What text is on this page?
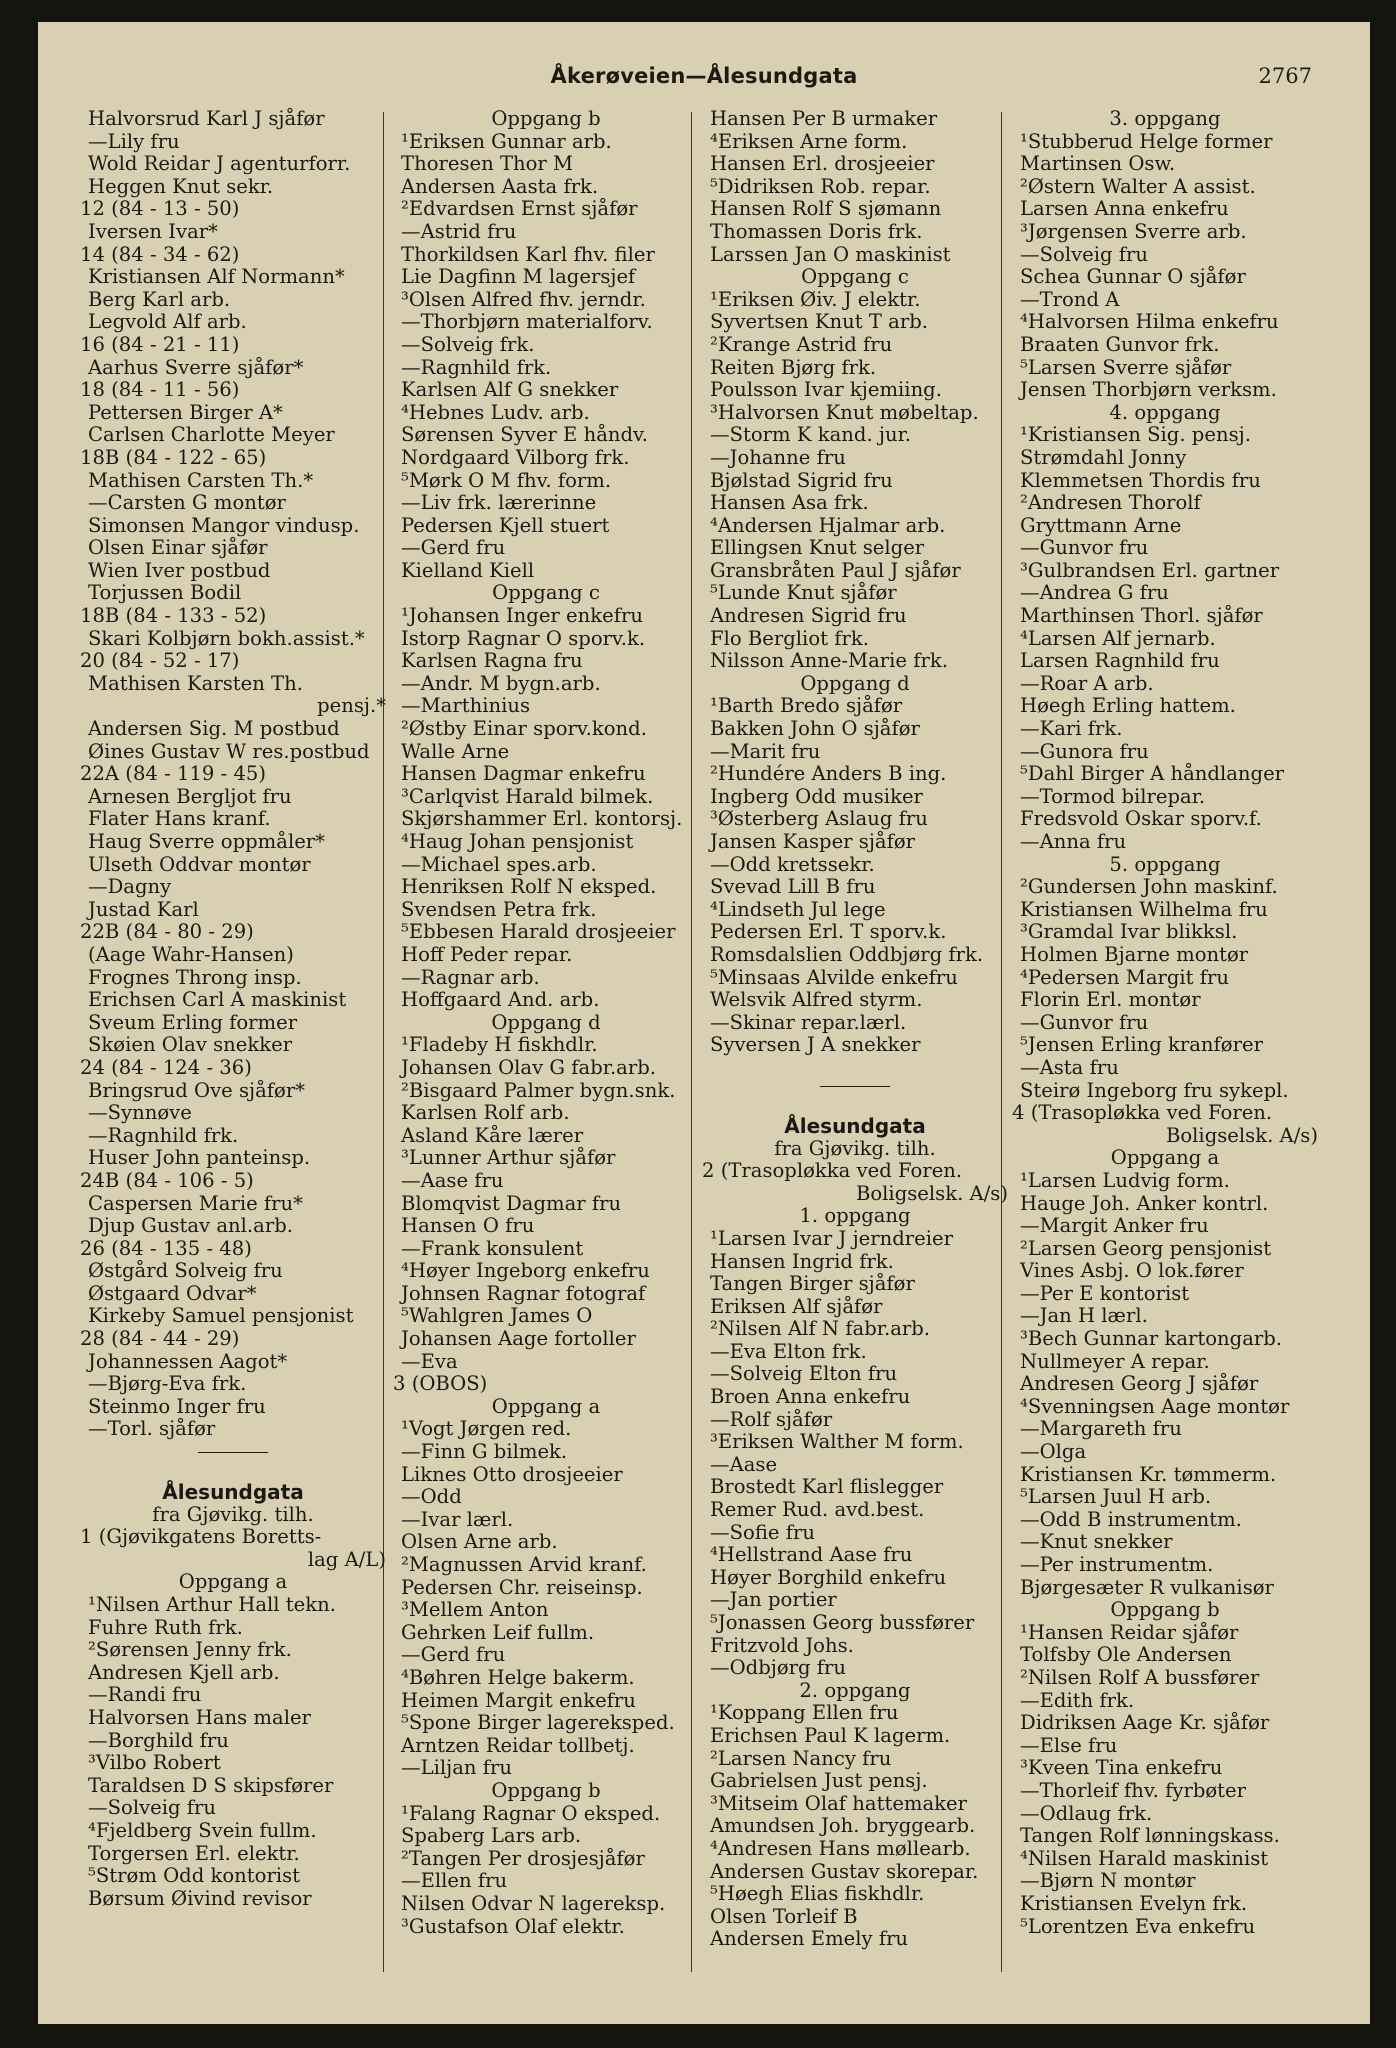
Åkerøveien—Ålesundgata	2767
Halvorsrud Karl J sjåfør
—Lily fru
Wold Reidar J agenturforr.
Heggen Knut sekr.
12 (84 - 13 - 50)
Iversen Ivar*
14 (84 - 34 - 62)
Kristiansen Alf Normann*
Berg Karl arb.
Legvold Alf arb.
16 (84 - 21 - 11)
Aarhus Sverre sjåfør*
18 (84 - 11 - 56)
Pettersen Birger A*
Carlsen Charlotte Meyer
18B (84 - 122 - 65)
Mathisen Carsten Th.*
—Carsten G montør
Simonsen Mangor vindusp.
Olsen Einar sjåfør
Wien Iver postbud
Torjussen Bodil
18B (84 - 133 - 52)
Skari Kolbjørn bokh.assist.*
20 (84 - 52 - 17)
Mathisen Karsten Th.
pensj.*
Andersen Sig. M postbud
Øines Gustav W res.postbud
22A (84 - 119 - 45)
Arnesen Bergljot fru
Flater Hans kranf.
Haug Sverre oppmåler*
Ulseth Oddvar montør
—Dagny
Justad Karl
22B (84 - 80 - 29)
(Aage Wahr-Hansen)
Frognes Throng insp.
Erichsen Carl A maskinist
Sveum Erling former
Skøien Olav snekker
24 (84 - 124 - 36)
Bringsrud Ove sjåfør*
—Synnøve
—Ragnhild frk.
Huser John panteinsp.
24B (84 - 106 - 5)
Caspersen Marie fru*
Djup Gustav anl.arb.
26 (84 - 135 - 48)
Østgård Solveig fru
Østgaard Odvar*
Kirkeby Samuel pensjonist
28 (84 - 44 - 29)
Johannessen Aagot*
—Bjørg-Eva frk.
Steinmo Inger fru
—Torl. sjåfør
Ålesundgata
fra Gjøvikg. tilh.
1 (Gjøvikgatens Boretts-
lag A/L)
Oppgang a
¹Nilsen Arthur Hall tekn.
Fuhre Ruth frk.
²Sørensen Jenny frk.
Andresen Kjell arb.
—Randi fru
Halvorsen Hans maler
—Borghild fru
³Vilbo Robert
Taraldsen D S skipsfører
—Solveig fru
⁴Fjeldberg Svein fullm.
Torgersen Erl. elektr.
⁵Strøm Odd kontorist
Børsum Øivind revisor
Oppgang b
¹Eriksen Gunnar arb.
Thoresen Thor M
Andersen Aasta frk.
²Edvardsen Ernst sjåfør
—Astrid fru
Thorkildsen Karl fhv. filer
Lie Dagfinn M lagersjef
³Olsen Alfred fhv. jerndr.
—Thorbjørn materialforv.
—Solveig frk.
—Ragnhild frk.
Karlsen Alf G snekker
⁴Hebnes Ludv. arb.
Sørensen Syver E håndv.
Nordgaard Vilborg frk.
⁵Mørk O M fhv. form.
—Liv frk. lærerinne
Pedersen Kjell stuert
—Gerd fru
Kielland Kiell
Oppgang c
¹Johansen Inger enkefru
Istorp Ragnar O sporv.k.
Karlsen Ragna fru
—Andr. M bygn.arb.
—Marthinius
²Østby Einar sporv.kond.
Walle Arne
Hansen Dagmar enkefru
³Carlqvist Harald bilmek.
Skjørshammer Erl. kontorsj.
⁴Haug Johan pensjonist
—Michael spes.arb.
Henriksen Rolf N eksped.
Svendsen Petra frk.
⁵Ebbesen Harald drosjeeier
Hoff Peder repar.
—Ragnar arb.
Hoffgaard And. arb.
Oppgang d
¹Fladeby H fiskhdlr.
Johansen Olav G fabr.arb.
²Bisgaard Palmer bygn.snk.
Karlsen Rolf arb.
Asland Kåre lærer
³Lunner Arthur sjåfør
—Aase fru
Blomqvist Dagmar fru
Hansen O fru
—Frank konsulent
⁴Høyer Ingeborg enkefru
Johnsen Ragnar fotograf
⁵Wahlgren James O
Johansen Aage fortoller
—Eva
3 (OBOS)
Oppgang a
¹Vogt Jørgen red.
—Finn G bilmek.
Liknes Otto drosjeeier
—Odd
—Ivar lærl.
Olsen Arne arb.
²Magnussen Arvid kranf.
Pedersen Chr. reiseinsp.
³Mellem Anton
Gehrken Leif fullm.
—Gerd fru
⁴Bøhren Helge bakerm.
Heimen Margit enkefru
⁵Spone Birger lagereksped.
Arntzen Reidar tollbetj.
—Liljan fru
Oppgang b
¹Falang Ragnar O eksped.
Spaberg Lars arb.
²Tangen Per drosjesjåfør
—Ellen fru
Nilsen Odvar N lagereksp.
³Gustafson Olaf elektr.
Hansen Per B urmaker
⁴Eriksen Arne form.
Hansen Erl. drosjeeier
⁵Didriksen Rob. repar.
Hansen Rolf S sjømann
Thomassen Doris frk.
Larssen Jan O maskinist
Oppgang c
¹Eriksen Øiv. J elektr.
Syvertsen Knut T arb.
²Krange Astrid fru
Reiten Bjørg frk.
Poulsson Ivar kjemiing.
³Halvorsen Knut møbeltap.
—Storm K kand. jur.
—Johanne fru
Bjølstad Sigrid fru
Hansen Asa frk.
⁴Andersen Hjalmar arb.
Ellingsen Knut selger
Gransbråten Paul J sjåfør
⁵Lunde Knut sjåfør
Andresen Sigrid fru
Flo Bergliot frk.
Nilsson Anne-Marie frk.
Oppgang d
¹Barth Bredo sjåfør
Bakken John O sjåfør
—Marit fru
²Hundére Anders B ing.
Ingberg Odd musiker
³Østerberg Aslaug fru
Jansen Kasper sjåfør
—Odd kretssekr.
Svevad Lill B fru
⁴Lindseth Jul lege
Pedersen Erl. T sporv.k.
Romsdalslien Oddbjørg frk.
⁵Minsaas Alvilde enkefru
Welsvik Alfred styrm.
—Skinar repar.lærl.
Syversen J A snekker
Ålesundgata
fra Gjøvikg. tilh.
2 (Trasopløkka ved Foren.
Boligselsk. A/s)
1. oppgang
¹Larsen Ivar J jerndreier
Hansen Ingrid frk.
Tangen Birger sjåfør
Eriksen Alf sjåfør
²Nilsen Alf N fabr.arb.
—Eva Elton frk.
—Solveig Elton fru
Broen Anna enkefru
—Rolf sjåfør
³Eriksen Walther M form.
—Aase
Brostedt Karl flislegger
Remer Rud. avd.best.
—Sofie fru
⁴Hellstrand Aase fru
Høyer Borghild enkefru
—Jan portier
⁵Jonassen Georg bussfører
Fritzvold Johs.
—Odbjørg fru
2. oppgang
¹Koppang Ellen fru
Erichsen Paul K lagerm.
²Larsen Nancy fru
Gabrielsen Just pensj.
³Mitseim Olaf hattemaker
Amundsen Joh. bryggearb.
⁴Andresen Hans møllearb.
Andersen Gustav skorepar.
⁵Høegh Elias fiskhdlr.
Olsen Torleif B
Andersen Emely fru
3. oppgang
¹Stubberud Helge former
Martinsen Osw.
²Østern Walter A assist.
Larsen Anna enkefru
³Jørgensen Sverre arb.
—Solveig fru
Schea Gunnar O sjåfør
—Trond A
⁴Halvorsen Hilma enkefru
Braaten Gunvor frk.
⁵Larsen Sverre sjåfør
Jensen Thorbjørn verksm.
4. oppgang
¹Kristiansen Sig. pensj.
Strømdahl Jonny
Klemmetsen Thordis fru
²Andresen Thorolf
Gryttmann Arne
—Gunvor fru
³Gulbrandsen Erl. gartner
—Andrea G fru
Marthinsen Thorl. sjåfør
⁴Larsen Alf jernarb.
Larsen Ragnhild fru
—Roar A arb.
Høegh Erling hattem.
—Kari frk.
—Gunora fru
⁵Dahl Birger A håndlanger
—Tormod bilrepar.
Fredsvold Oskar sporv.f.
—Anna fru
5. oppgang
²Gundersen John maskinf.
Kristiansen Wilhelma fru
³Gramdal Ivar blikksl.
Holmen Bjarne montør
⁴Pedersen Margit fru
Florin Erl. montør
—Gunvor fru
⁵Jensen Erling kranfører
—Asta fru
Steirø Ingeborg fru sykepl.
4 (Trasopløkka ved Foren.
Boligselsk. A/s)
Oppgang a
¹Larsen Ludvig form.
Hauge Joh. Anker kontrl.
—Margit Anker fru
²Larsen Georg pensjonist
Vines Asbj. O lok.fører
—Per E kontorist
—Jan H lærl.
³Bech Gunnar kartongarb.
Nullmeyer A repar.
Andresen Georg J sjåfør
⁴Svenningsen Aage montør
—Margareth fru
—Olga
Kristiansen Kr. tømmerm.
⁵Larsen Juul H arb.
—Odd B instrumentm.
—Knut snekker
—Per instrumentm.
Bjørgesæter R vulkanisør
Oppgang b
¹Hansen Reidar sjåfør
Tolfsby Ole Andersen
²Nilsen Rolf A bussfører
—Edith frk.
Didriksen Aage Kr. sjåfør
—Else fru
³Kveen Tina enkefru
—Thorleif fhv. fyrbøter
—Odlaug frk.
Tangen Rolf lønningskass.
⁴Nilsen Harald maskinist
—Bjørn N montør
Kristiansen Evelyn frk.
⁵Lorentzen Eva enkefru
